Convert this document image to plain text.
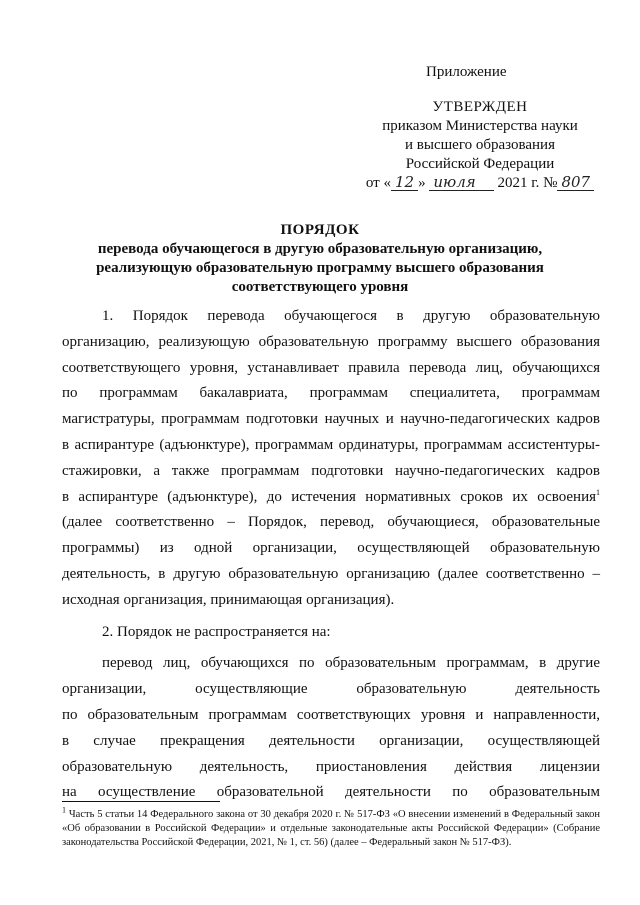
Приложение
УТВЕРЖДЕН
приказом Министерства науки
и высшего образования
Российской Федерации
от « 12 » июля 2021 г. № 807
ПОРЯДОК
перевода обучающегося в другую образовательную организацию, реализующую образовательную программу высшего образования соответствующего уровня

1. Порядок перевода обучающегося в другую образовательную

организацию, реализующую образовательную программу высшего образования

соответствующего уровня, устанавливает правила перевода лиц, обучающихся

по программам бакалавриата, программам специалитета, программам

магистратуры, программам подготовки научных и научно-педагогических кадров

в аспирантуре (адъюнктуре), программам ординатуры, программам ассистентуры-

стажировки, а также программам подготовки научно-педагогических кадров

в аспирантуре (адъюнктуре), до истечения нормативных сроков их освоения$^1$

(далее соответственно – Порядок, перевод, обучающиеся, образовательные

программы) из одной организации, осуществляющей образовательную

деятельность, в другую образовательную организацию (далее соответственно –

исходная организация, принимающая организация).

2. Порядок не распространяется на:

перевод лиц, обучающихся по образовательным программам, в другие

организации, осуществляющие образовательную деятельность

по образовательным программам соответствующих уровня и направленности,

в случае прекращения деятельности организации, осуществляющей

образовательную деятельность, приостановления действия лицензии

на осуществление образовательной деятельности по образовательным

$^1$ Часть 5 статьи 14 Федерального закона от 30 декабря 2020 г. № 517-ФЗ «О внесении изменений в Федеральный закон «Об образовании в Российской Федерации» и отдельные законодательные акты Российской Федерации» (Собрание законодательства Российской Федерации, 2021, № 1, ст. 56) (далее – Федеральный закон № 517-ФЗ).
